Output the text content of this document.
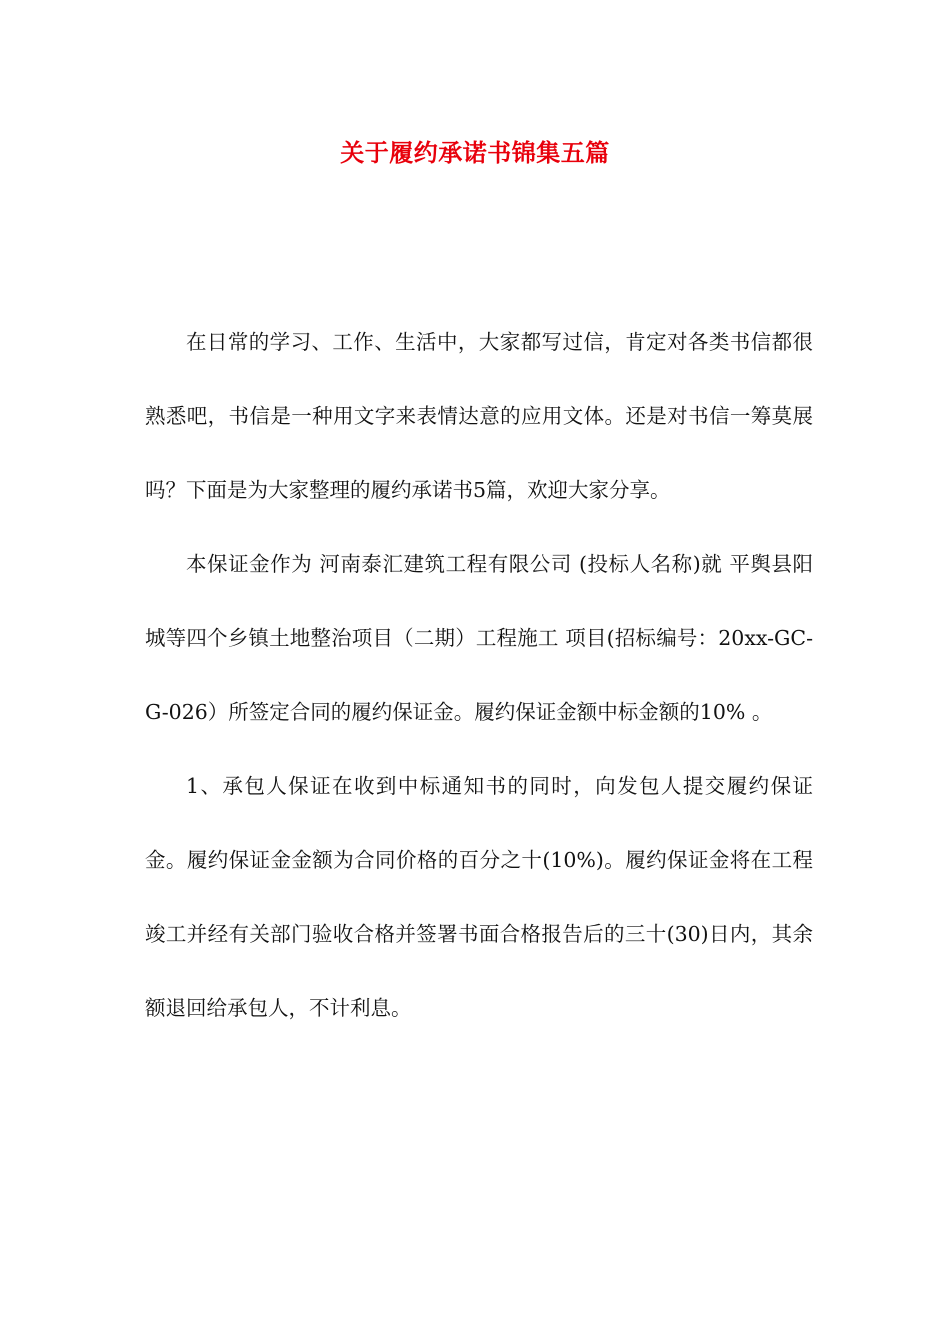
关于履约承诺书锦集五篇

在日常的学习、工作、生活中，大家都写过信，肯定对各类书信都很熟悉吧，书信是一种用文字来表情达意的应用文体。还是对书信一筹莫展吗？下面是为大家整理的履约承诺书5篇，欢迎大家分享。

本保证金作为 河南泰汇建筑工程有限公司 (投标人名称)就 平舆县阳城等四个乡镇土地整治项目（二期）工程施工 项目(招标编号：20xx-GC-G-026）所签定合同的履约保证金。履约保证金额中标金额的10% 。

1、承包人保证在收到中标通知书的同时，向发包人提交履约保证金。履约保证金金额为合同价格的百分之十(10%)。履约保证金将在工程竣工并经有关部门验收合格并签署书面合格报告后的三十(30)日内，其余额退回给承包人，不计利息。
